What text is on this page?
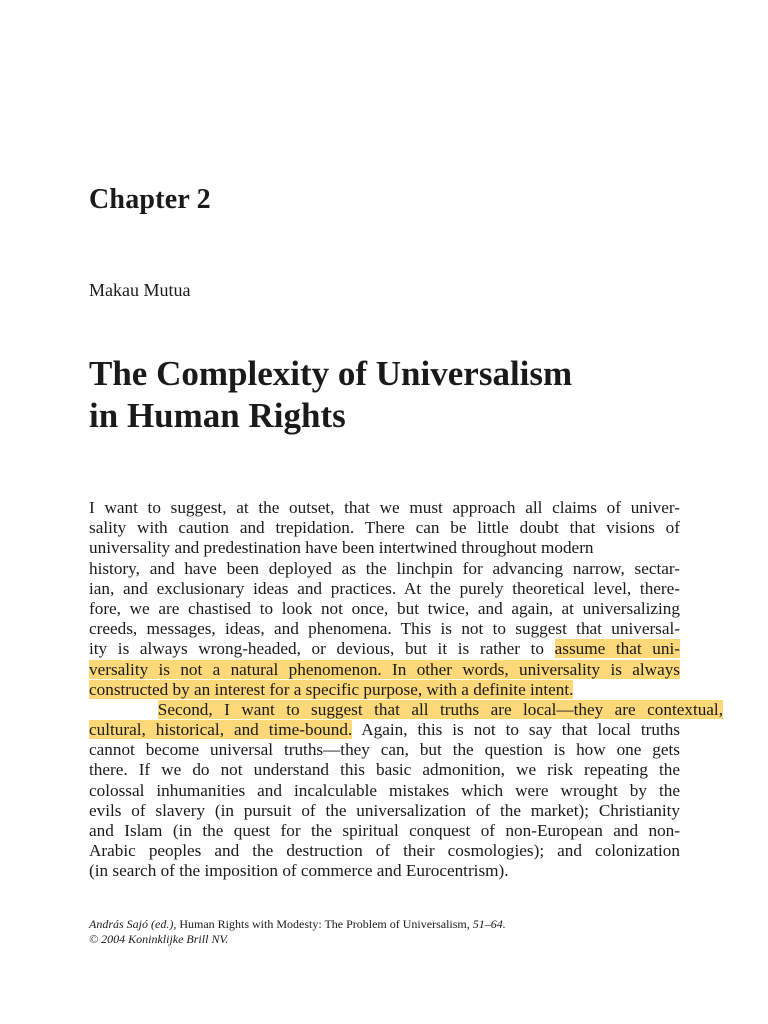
Chapter 2
Makau Mutua
The Complexity of Universalism
in Human Rights
I want to suggest, at the outset, that we must approach all claims of univer-
sality with caution and trepidation. There can be little doubt that visions of
universality and predestination have been intertwined throughout modern
history, and have been deployed as the linchpin for advancing narrow, sectar-
ian, and exclusionary ideas and practices. At the purely theoretical level, there-
fore, we are chastised to look not once, but twice, and again, at universalizing
creeds, messages, ideas, and phenomena. This is not to suggest that universal-
ity is always wrong-headed, or devious, but it is rather to assume that uni-
versality is not a natural phenomenon. In other words, universality is always
constructed by an interest for a specific purpose, with a definite intent.
Second, I want to suggest that all truths are local—they are contextual,
cultural, historical, and time-bound. Again, this is not to say that local truths
cannot become universal truths—they can, but the question is how one gets
there. If we do not understand this basic admonition, we risk repeating the
colossal inhumanities and incalculable mistakes which were wrought by the
evils of slavery (in pursuit of the universalization of the market); Christianity
and Islam (in the quest for the spiritual conquest of non-European and non-
Arabic peoples and the destruction of their cosmologies); and colonization
(in search of the imposition of commerce and Eurocentrism).
András Sajó (ed.), Human Rights with Modesty: The Problem of Universalism, 51–64.
© 2004 Koninklijke Brill NV.
